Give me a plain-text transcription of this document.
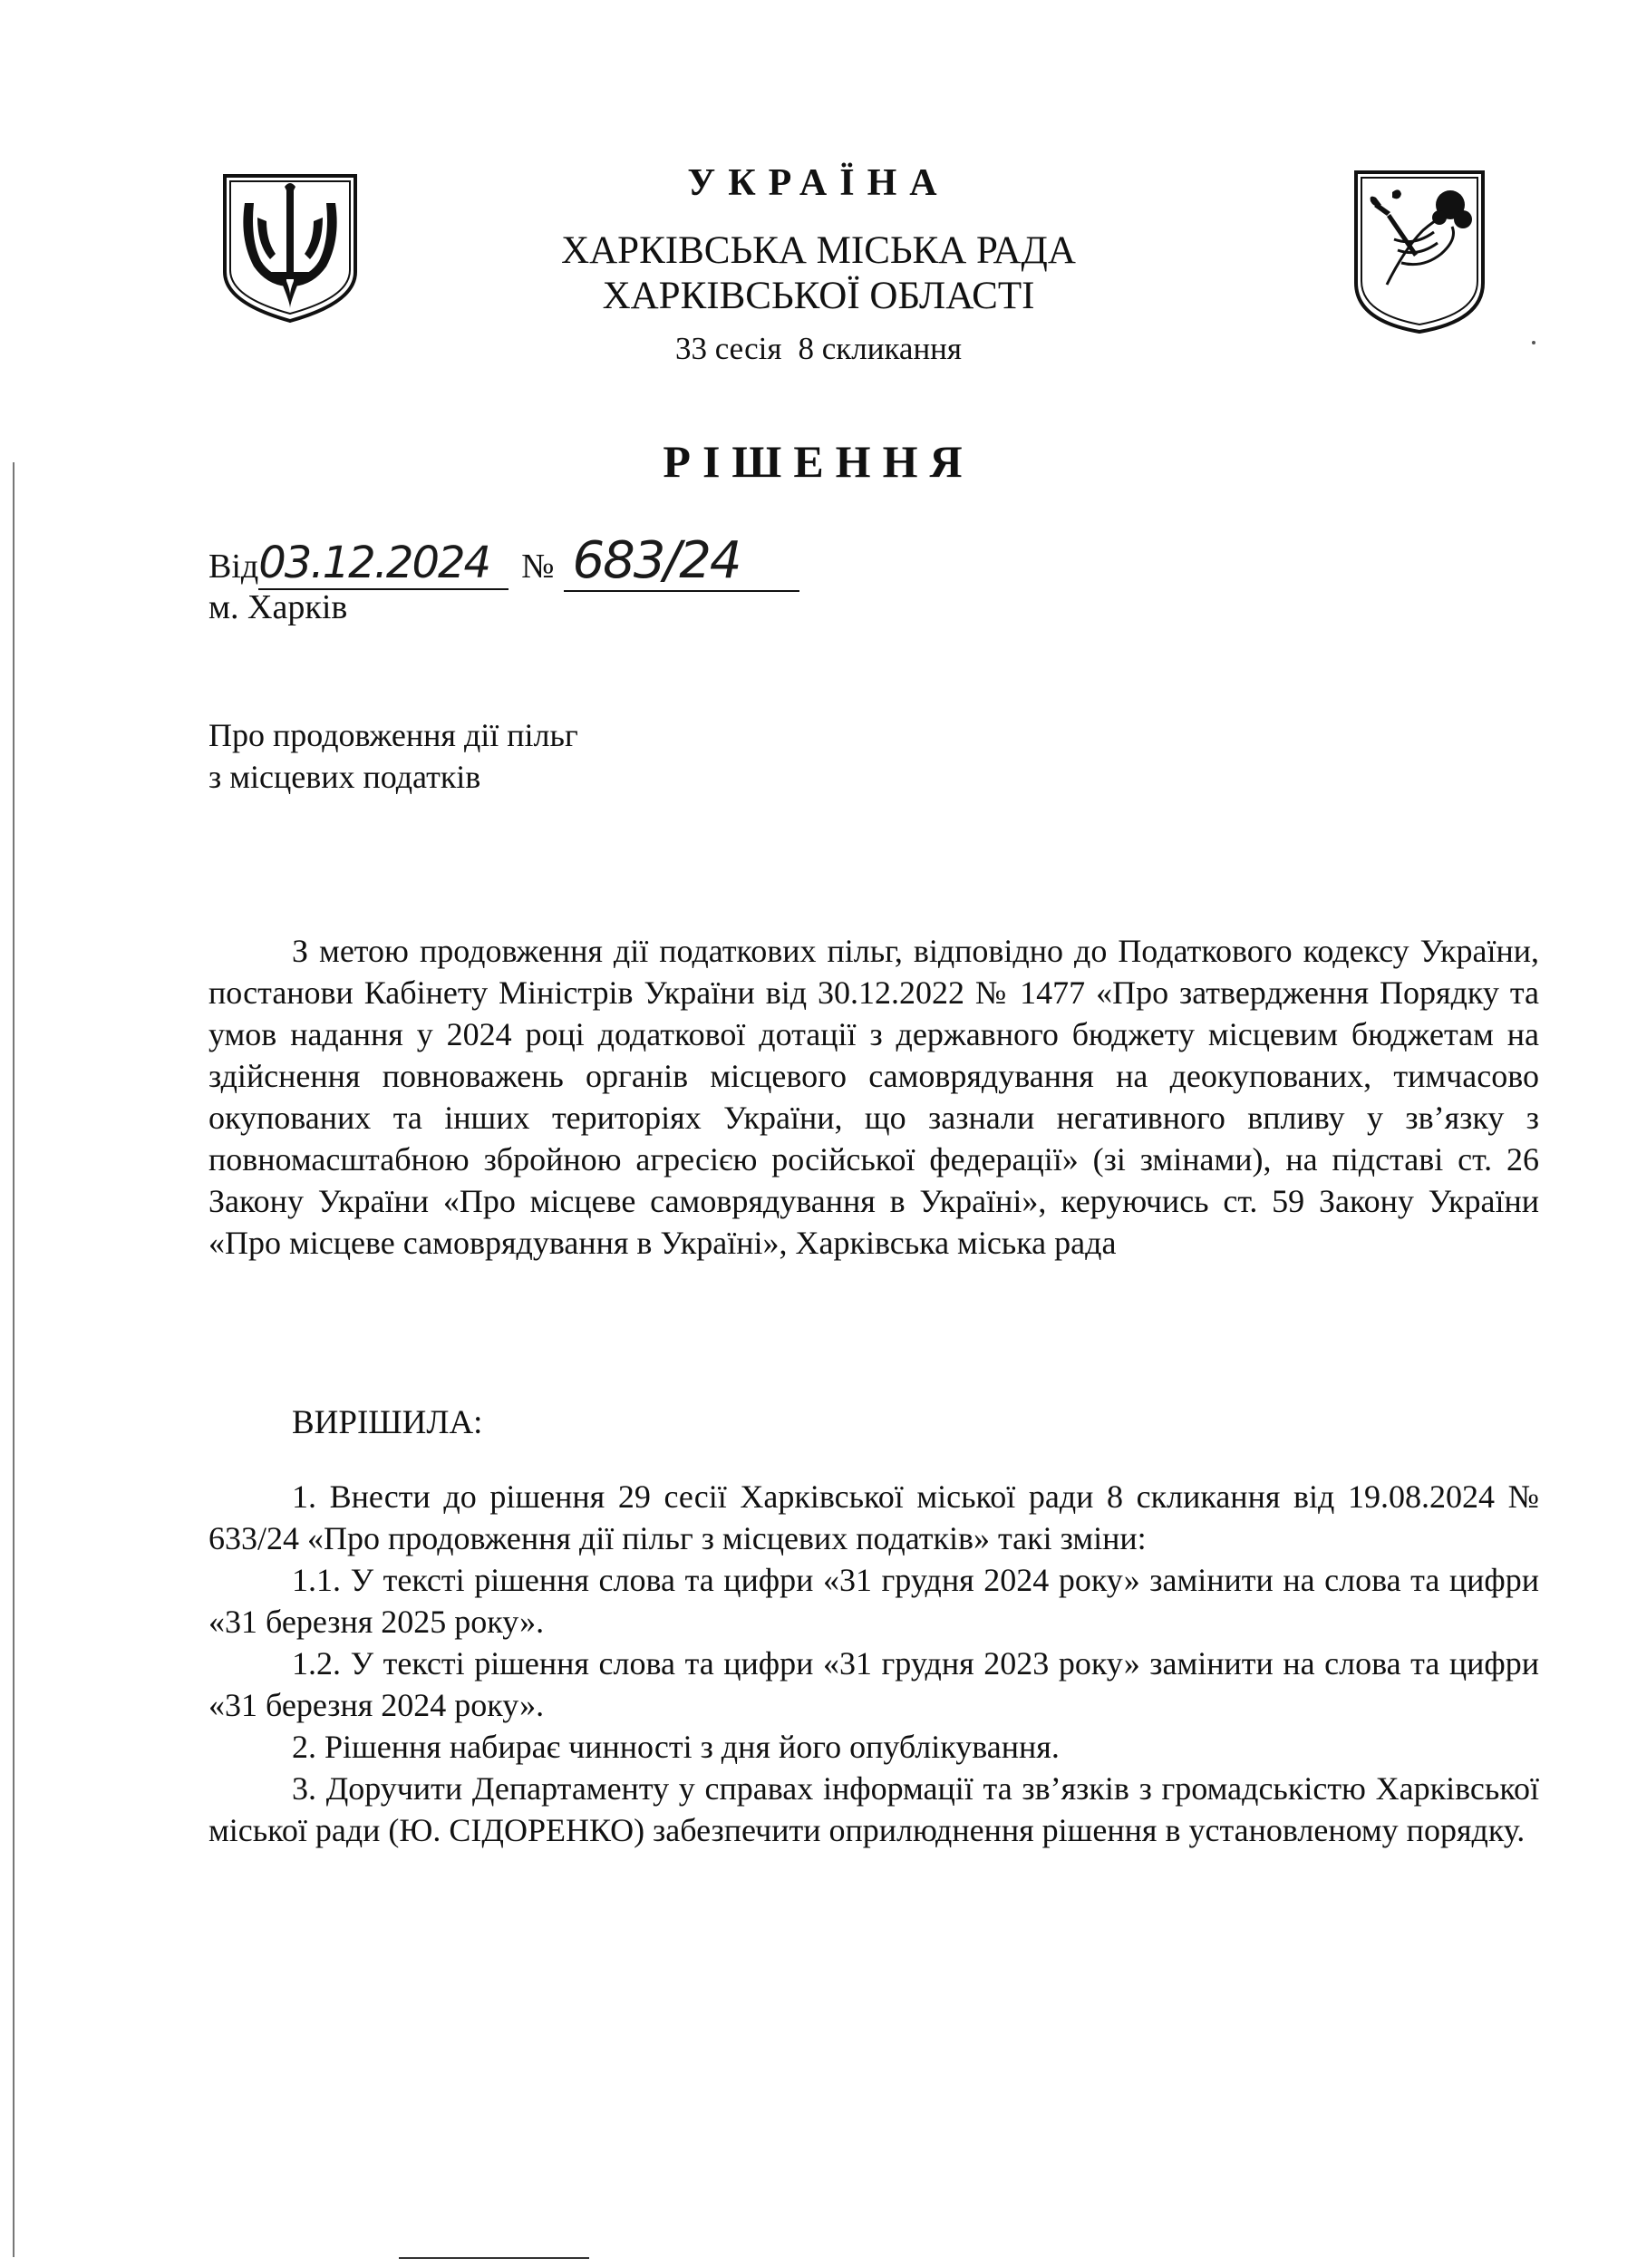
УКРАЇНА
ХАРКІВСЬКА МІСЬКА РАДА
ХАРКІВСЬКОЇ ОБЛАСТІ
33 сесія 8 скликання
РІШЕННЯ
Від03.12.2024 № 683/24
м. Харків
Про продовження дії пільг
з місцевих податків
З метою продовження дії податкових пільг, відповідно до Податкового кодексу України, постанови Кабінету Міністрів України від 30.12.2022 № 1477 «Про затвердження Порядку та умов надання у 2024 році додаткової дотації з державного бюджету місцевим бюджетам на здійснення повноважень органів місцевого самоврядування на деокупованих, тимчасово окупованих та інших територіях України, що зазнали негативного впливу у зв’язку з повномасштабною збройною агресією російської федерації» (зі змінами), на підставі ст. 26 Закону України «Про місцеве самоврядування в Україні», керуючись ст. 59 Закону України «Про місцеве самоврядування в Україні», Харківська міська рада
ВИРІШИЛА:
1. Внести до рішення 29 сесії Харківської міської ради 8 скликання від 19.08.2024 № 633/24 «Про продовження дії пільг з місцевих податків» такі зміни:
1.1. У тексті рішення слова та цифри «31 грудня 2024 року» замінити на слова та цифри «31 березня 2025 року».
1.2. У тексті рішення слова та цифри «31 грудня 2023 року» замінити на слова та цифри «31 березня 2024 року».
2. Рішення набирає чинності з дня його опублікування.
3. Доручити Департаменту у справах інформації та зв’язків з громадськістю Харківської міської ради (Ю. СІДОРЕНКО) забезпечити оприлюднення рішення в установленому порядку.
